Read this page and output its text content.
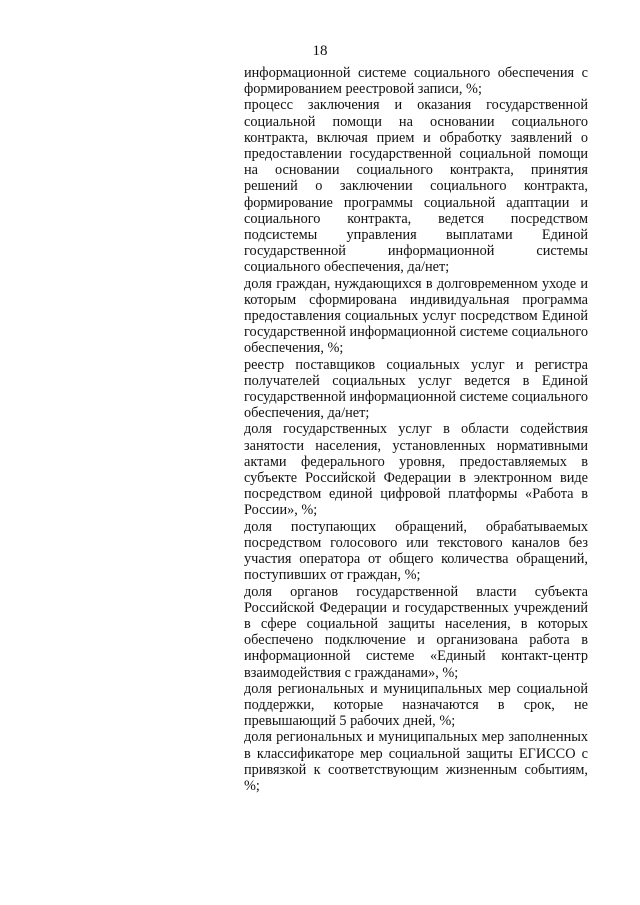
18

информационной системе социального обеспечения с формированием реестровой записи, %;

процесс заключения и оказания государственной социальной помощи на основании социального контракта, включая прием и обработку заявлений о предоставлении государственной социальной помощи на основании социального контракта, принятия решений о заключении социального контракта, формирование программы социальной адаптации и социального контракта, ведется посредством подсистемы управления выплатами Единой государственной информационной системы социального обеспечения, да/нет;

доля граждан, нуждающихся в долговременном уходе и которым сформирована индивидуальная программа предоставления социальных услуг посредством Единой государственной информационной системе социального обеспечения, %;

реестр поставщиков социальных услуг и регистра получателей социальных услуг ведется в Единой государственной информационной системе социального обеспечения, да/нет;

доля государственных услуг в области содействия занятости населения, установленных нормативными актами федерального уровня, предоставляемых в субъекте Российской Федерации в электронном виде посредством единой цифровой платформы «Работа в России», %;

доля поступающих обращений, обрабатываемых посредством голосового или текстового каналов без участия оператора от общего количества обращений, поступивших от граждан, %;

доля органов государственной власти субъекта Российской Федерации и государственных учреждений в сфере социальной защиты населения, в которых обеспечено подключение и организована работа в информационной системе «Единый контакт-центр взаимодействия с гражданами», %;

доля региональных и муниципальных мер социальной поддержки, которые назначаются в срок, не превышающий 5 рабочих дней, %;

доля региональных и муниципальных мер заполненных в классификаторе мер социальной защиты ЕГИССО с привязкой к соответствующим жизненным событиям, %;
